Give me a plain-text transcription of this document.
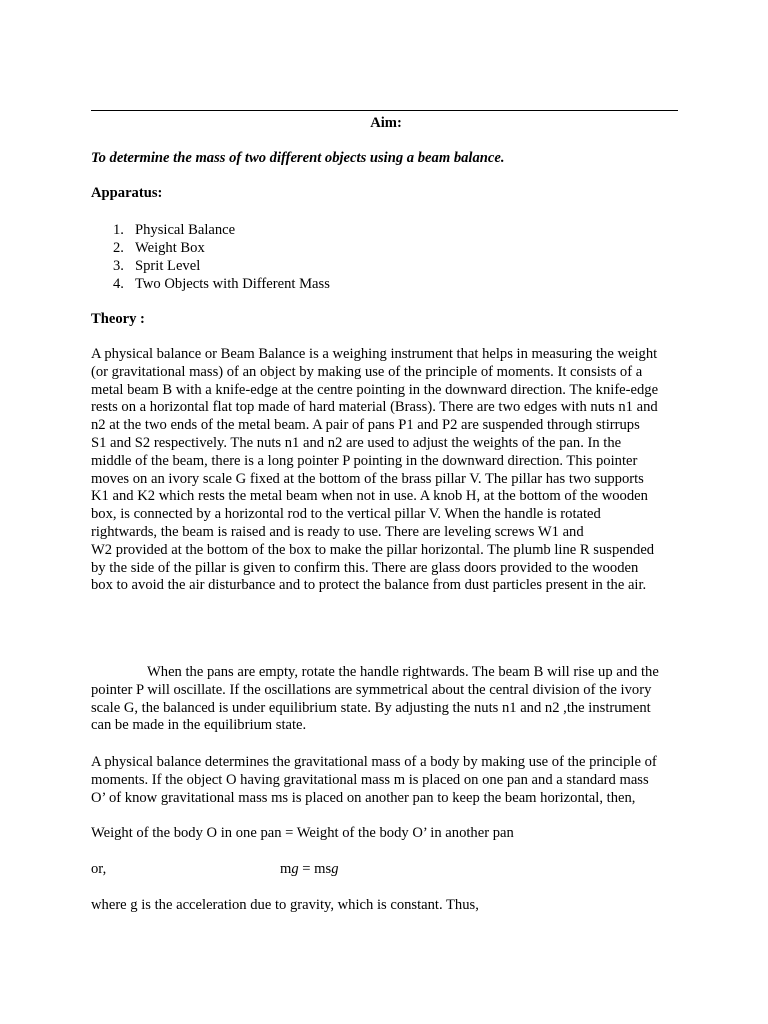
Aim:
To determine the mass of two different objects using a beam balance.
Apparatus:
1. Physical Balance
2. Weight Box
3. Sprit Level
4. Two Objects with Different Mass
Theory :
A physical balance or Beam Balance is a weighing instrument that helps in measuring the weight
(or gravitational mass) of an object by making use of the principle of moments. It consists of a
metal beam B with a knife-edge at the centre pointing in the downward direction. The knife-edge
rests on a horizontal flat top made of hard material (Brass). There are two edges with nuts n1 and
n2 at the two ends of the metal beam. A pair of pans P1 and P2 are suspended through stirrups
S1 and S2 respectively. The nuts n1 and n2 are used to adjust the weights of the pan. In the
middle of the beam, there is a long pointer P pointing in the downward direction. This pointer
moves on an ivory scale G fixed at the bottom of the brass pillar V. The pillar has two supports
K1 and K2 which rests the metal beam when not in use. A knob H, at the bottom of the wooden
box, is connected by a horizontal rod to the vertical pillar V. When the handle is rotated
rightwards, the beam is raised and is ready to use. There are leveling screws W1 and
W2 provided at the bottom of the box to make the pillar horizontal. The plumb line R suspended
by the side of the pillar is given to confirm this. There are glass doors provided to the wooden
box to avoid the air disturbance and to protect the balance from dust particles present in the air.
When the pans are empty, rotate the handle rightwards. The beam B will rise up and the
pointer P will oscillate. If the oscillations are symmetrical about the central division of the ivory
scale G, the balanced is under equilibrium state. By adjusting the nuts n1 and n2 ,the instrument
can be made in the equilibrium state.
A physical balance determines the gravitational mass of a body by making use of the principle of
moments. If the object O having gravitational mass m is placed on one pan and a standard mass
O’ of know gravitational mass ms is placed on another pan to keep the beam horizontal, then,
Weight of the body O in one pan = Weight of the body O’ in another pan
or,	mg = msg
where g is the acceleration due to gravity, which is constant. Thus,
